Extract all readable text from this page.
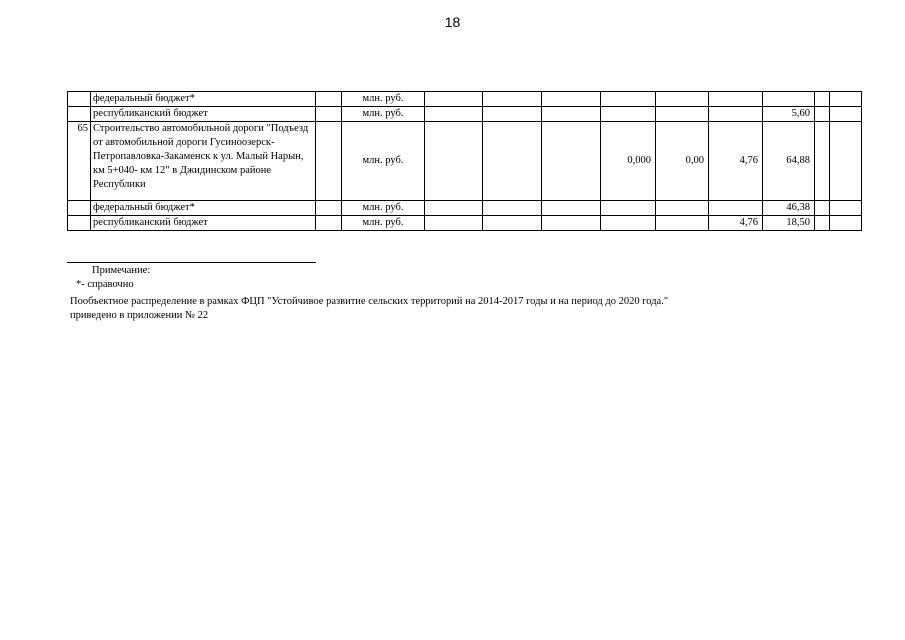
18
	федеральный бюджет*		млн. руб.									
	республиканский бюджет		млн. руб.							5,60		
65	Строительство автомобильной дороги "Подъезд от автомобильной дороги Гусиноозерск-Петропавловка-Закаменск к ул. Малый Нарын, км 5+040- км 12" в Джидинском районе Республики		млн. руб.				0,000	0,00	4,76	64,88		
	федеральный бюджет*		млн. руб.							46,38		
	республиканский бюджет		млн. руб.						4,76	18,50		
Примечание:
*- справочно
Пообъектное распределение в рамках ФЦП "Устойчивое развитие сельских территорий на 2014-2017 годы и на период до 2020 года."
приведено в приложении № 22
